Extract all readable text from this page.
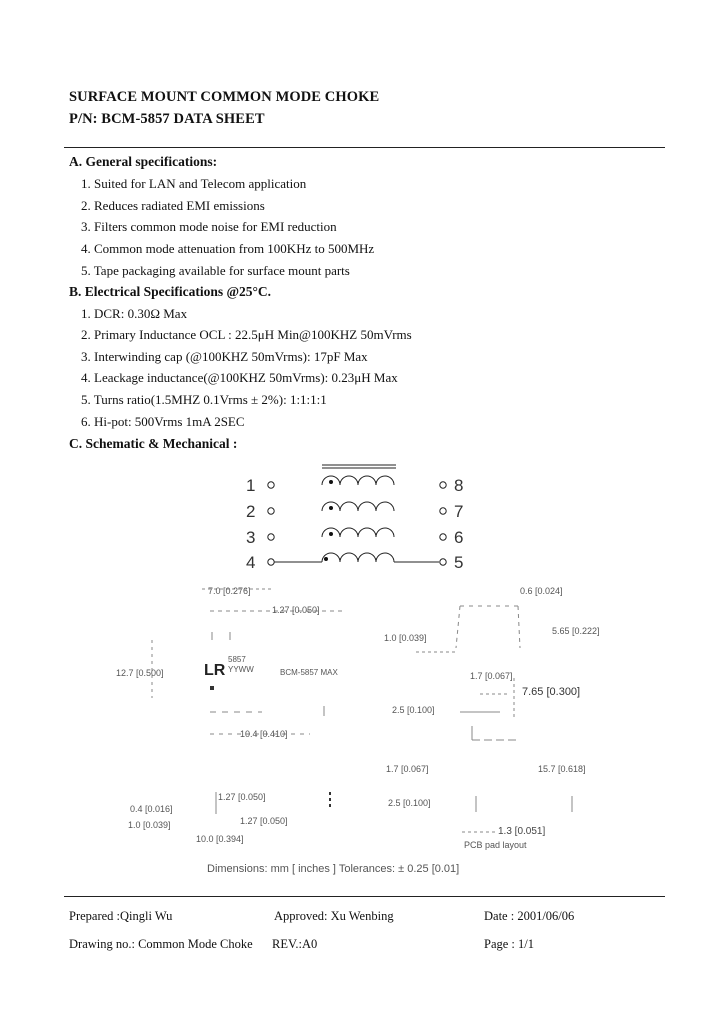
SURFACE MOUNT COMMON MODE CHOKE
P/N: BCM-5857 DATA SHEET
A. General specifications:
1. Suited for LAN and Telecom application
2. Reduces radiated EMI emissions
3. Filters common mode noise for EMI reduction
4. Common mode attenuation from 100KHz to 500MHz
5. Tape packaging available for surface mount parts
B. Electrical Specifications @25°C.
1. DCR: 0.30Ω Max
2. Primary Inductance OCL : 22.5μH Min@100KHZ 50mVrms
3. Interwinding cap (@100KHZ 50mVrms): 17pF Max
4. Leackage inductance(@100KHZ 50mVrms): 0.23μH Max
5. Turns ratio(1.5MHZ 0.1Vrms ± 2%): 1:1:1:1
6. Hi-pot: 500Vrms 1mA 2SEC
C. Schematic & Mechanical :
1
2
3
4
8
7
6
5
7.0 [0.276]
1.27 [0.050]
12.7 [0.500]	LR
5857
YYWW	BCM-5857 MAX
10.4 [0.410]
0.6 [0.024]
5.65 [0.222]
1.0 [0.039]
1.7 [0.067]
7.65 [0.300]
2.5 [0.100]
1.7 [0.067]	15.7 [0.618]
2.5 [0.100]
1.3 [0.051]
PCB pad layout
1.27 [0.050]
0.4 [0.016]
1.0 [0.039]	1.27 [0.050]
10.0 [0.394]
Dimensions: mm [ inches ] Tolerances: ± 0.25 [0.01]
Prepared :Qingli Wu	Approved: Xu Wenbing	Date : 2001/06/06
Drawing no.: Common Mode Choke REV.:A0	Page : 1/1
